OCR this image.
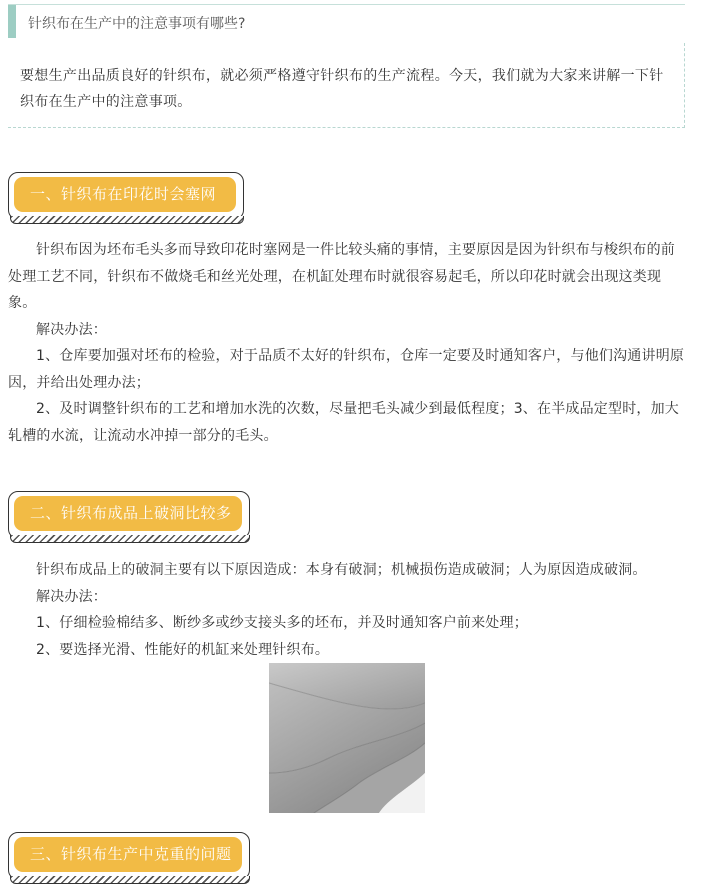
针织布在生产中的注意事项有哪些?
要想生产出品质良好的针织布，就必须严格遵守针织布的生产流程。今天，我们就为大家来讲解一下针织布在生产中的注意事项。
一、针织布在印花时会塞网

针织布因为坯布毛头多而导致印花时塞网是一件比较头痛的事情，主要原因是因为针织布与梭织布的前处理工艺不同，针织布不做烧毛和丝光处理，在机缸处理布时就很容易起毛，所以印花时就会出现这类现象。

解决办法：

1、仓库要加强对坯布的检验，对于品质不太好的针织布，仓库一定要及时通知客户，与他们沟通讲明原因，并给出处理办法；

2、及时调整针织布的工艺和增加水洗的次数，尽量把毛头减少到最低程度；3、在半成品定型时，加大轧槽的水流，让流动水冲掉一部分的毛头。

二、针织布成品上破洞比较多

针织布成品上的破洞主要有以下原因造成：本身有破洞；机械损伤造成破洞；人为原因造成破洞。

解决办法：

1、仔细检验棉结多、断纱多或纱支接头多的坯布，并及时通知客户前来处理；

2、要选择光滑、性能好的机缸来处理针织布。

三、针织布生产中克重的问题
